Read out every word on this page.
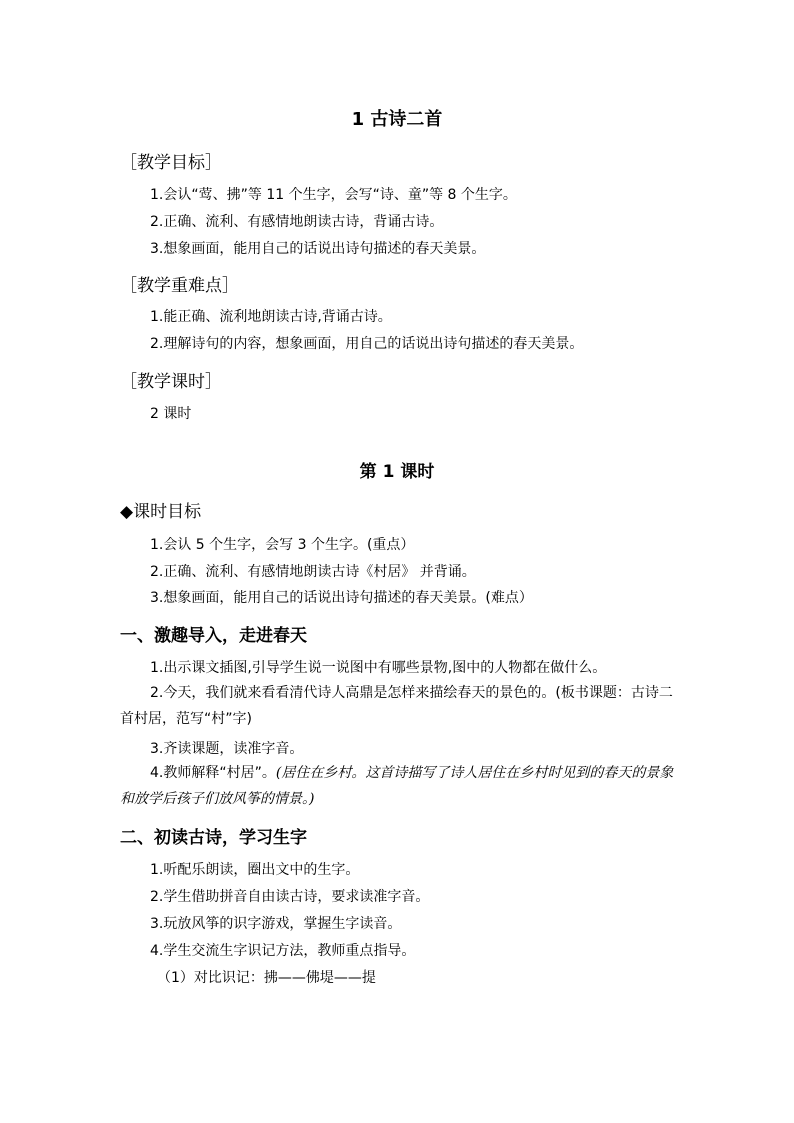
1 古诗二首
［教学目标］
1.会认“莺、拂”等 11 个生字，会写“诗、童”等 8 个生字。
2.正确、流利、有感情地朗读古诗，背诵古诗。
3.想象画面，能用自己的话说出诗句描述的春天美景。
［教学重难点］
1.能正确、流利地朗读古诗,背诵古诗。
2.理解诗句的内容，想象画面，用自己的话说出诗句描述的春天美景。
［教学课时］
2 课时
第 1 课时
◆课时目标
1.会认 5 个生字，会写 3 个生字。(重点）
2.正确、流利、有感情地朗读古诗《村居》 并背诵。
3.想象画面，能用自己的话说出诗句描述的春天美景。(难点）
一、激趣导入，走进春天
1.出示课文插图,引导学生说一说图中有哪些景物,图中的人物都在做什么。
2.今天，我们就来看看清代诗人高鼎是怎样来描绘春天的景色的。(板书课题：古诗二首村居，范写“村”字)
3.齐读课题，读准字音。
4.教师解释“村居”。(居住在乡村。这首诗描写了诗人居住在乡村时见到的春天的景象和放学后孩子们放风筝的情景。)
二、初读古诗，学习生字
1.听配乐朗读，圈出文中的生字。
2.学生借助拼音自由读古诗，要求读准字音。
3.玩放风筝的识字游戏，掌握生字读音。
4.学生交流生字识记方法，教师重点指导。
（1）对比识记：拂——佛堤——提
